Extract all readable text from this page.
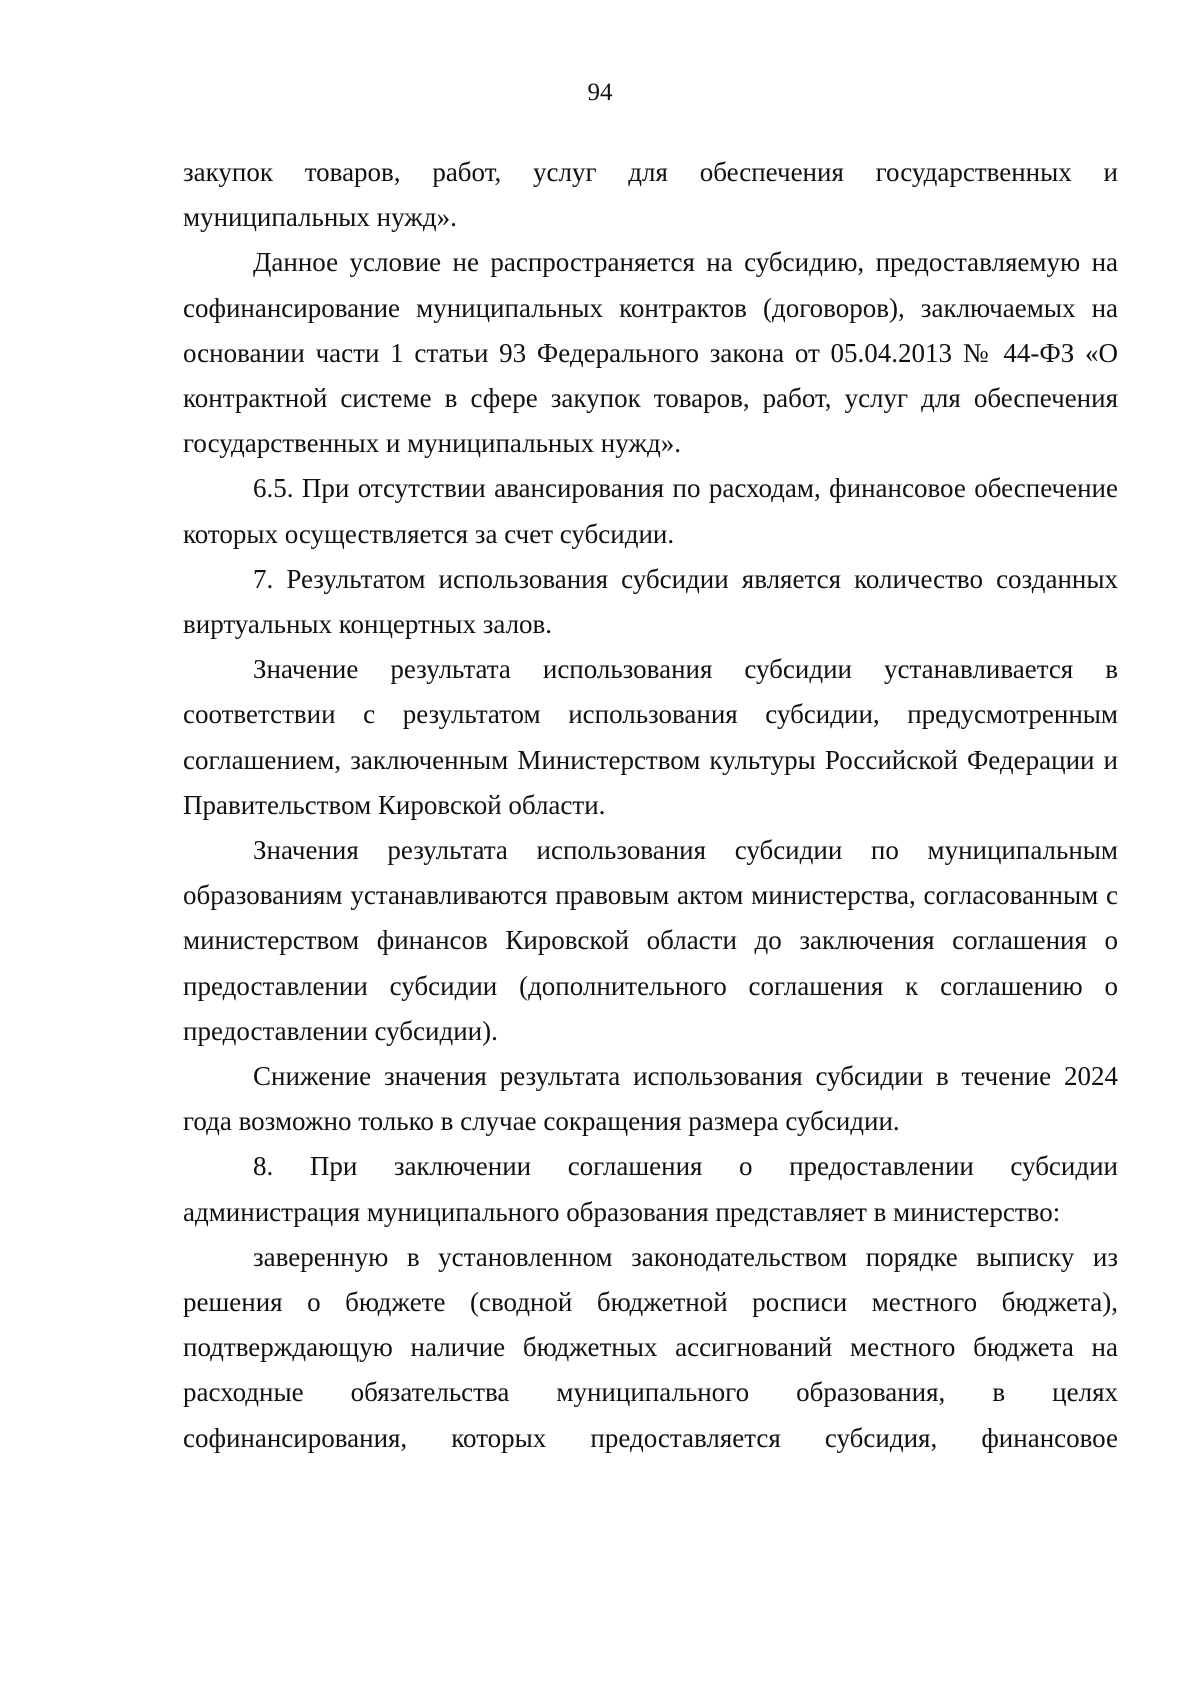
94

закупок товаров, работ, услуг для обеспечения государственных и муниципальных нужд».

Данное условие не распространяется на субсидию, предоставляемую на софинансирование муниципальных контрактов (договоров), заключаемых на основании части 1 статьи 93 Федерального закона от 05.04.2013 № 44-ФЗ «О контрактной системе в сфере закупок товаров, работ, услуг для обеспечения государственных и муниципальных нужд».

6.5. При отсутствии авансирования по расходам, финансовое обеспечение которых осуществляется за счет субсидии.

7. Результатом использования субсидии является количество созданных виртуальных концертных залов.

Значение результата использования субсидии устанавливается в соответствии с результатом использования субсидии, предусмотренным соглашением, заключенным Министерством культуры Российской Федерации и Правительством Кировской области.

Значения результата использования субсидии по муниципальным образованиям устанавливаются правовым актом министерства, согласованным с министерством финансов Кировской области до заключения соглашения о предоставлении субсидии (дополнительного соглашения к соглашению о предоставлении субсидии).

Снижение значения результата использования субсидии в течение 2024 года возможно только в случае сокращения размера субсидии.

8. При заключении соглашения о предоставлении субсидии администрация муниципального образования представляет в министерство:

заверенную в установленном законодательством порядке выписку из решения о бюджете (сводной бюджетной росписи местного бюджета), подтверждающую наличие бюджетных ассигнований местного бюджета на расходные обязательства муниципального образования, в целях софинансирования, которых предоставляется субсидия, финансовое
